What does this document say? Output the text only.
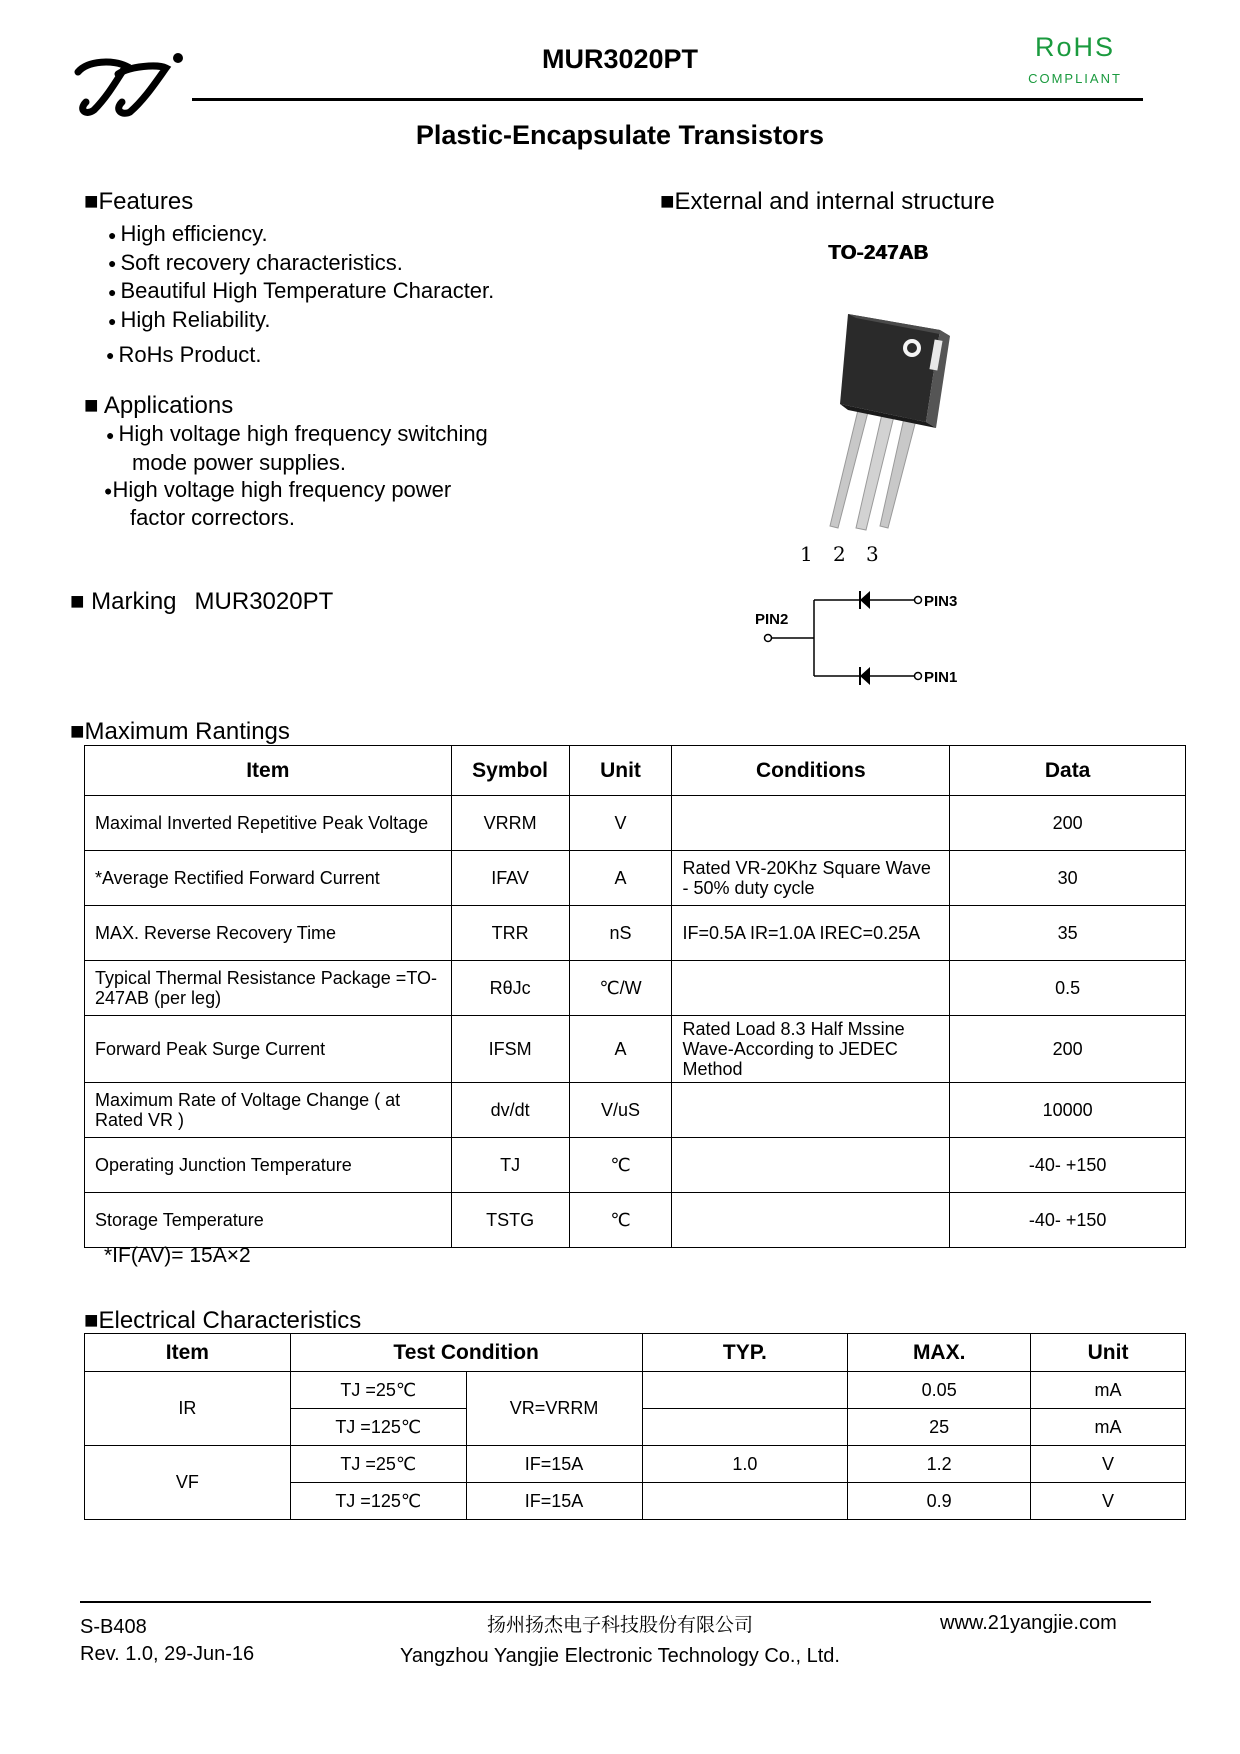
MUR3020PT	RoHS
COMPLIANT
Plastic-Encapsulate Transistors
■Features
● High efficiency.
● Soft recovery characteristics.
● Beautiful High Temperature Character.
● High Reliability.
● RoHs Product.
■ Applications
● High voltage high frequency switching
mode power supplies.
●High voltage high frequency power
factor correctors.
■ Marking MUR3020PT
■External and internal structure
TO-247AB
1 2 3
PIN3
PIN1
PIN2
■Maximum Rantings
Item	Symbol	Unit	Conditions	Data
Maximal Inverted Repetitive Peak Voltage	VRRM	V		200
*Average Rectified Forward Current	IFAV	A	Rated VR-20Khz Square Wave - 50% duty cycle	30
MAX. Reverse Recovery Time	TRR	nS	IF=0.5A IR=1.0A IREC=0.25A	35
Typical Thermal Resistance Package =TO-247AB (per leg)	RθJc	℃/W		0.5
Forward Peak Surge Current	IFSM	A	Rated Load 8.3 Half Mssine Wave-According to JEDEC Method	200
Maximum Rate of Voltage Change ( at Rated VR )	dv/dt	V/uS		10000
Operating Junction Temperature	TJ	℃		-40- +150
Storage Temperature	TSTG	℃		-40- +150
*IF(AV)= 15A×2
■Electrical Characteristics
Item	Test Condition		TYP.	MAX.	Unit
IR	TJ =25℃	VR=VRRM		0.05	mA
	TJ =125℃			25	mA
VF	TJ =25℃	IF=15A	1.0	1.2	V
	TJ =125℃	IF=15A		0.9	V
S-B408
Rev. 1.0, 29-Jun-16
扬州扬杰电子科技股份有限公司
Yangzhou Yangjie Electronic Technology Co., Ltd.
www.21yangjie.com
